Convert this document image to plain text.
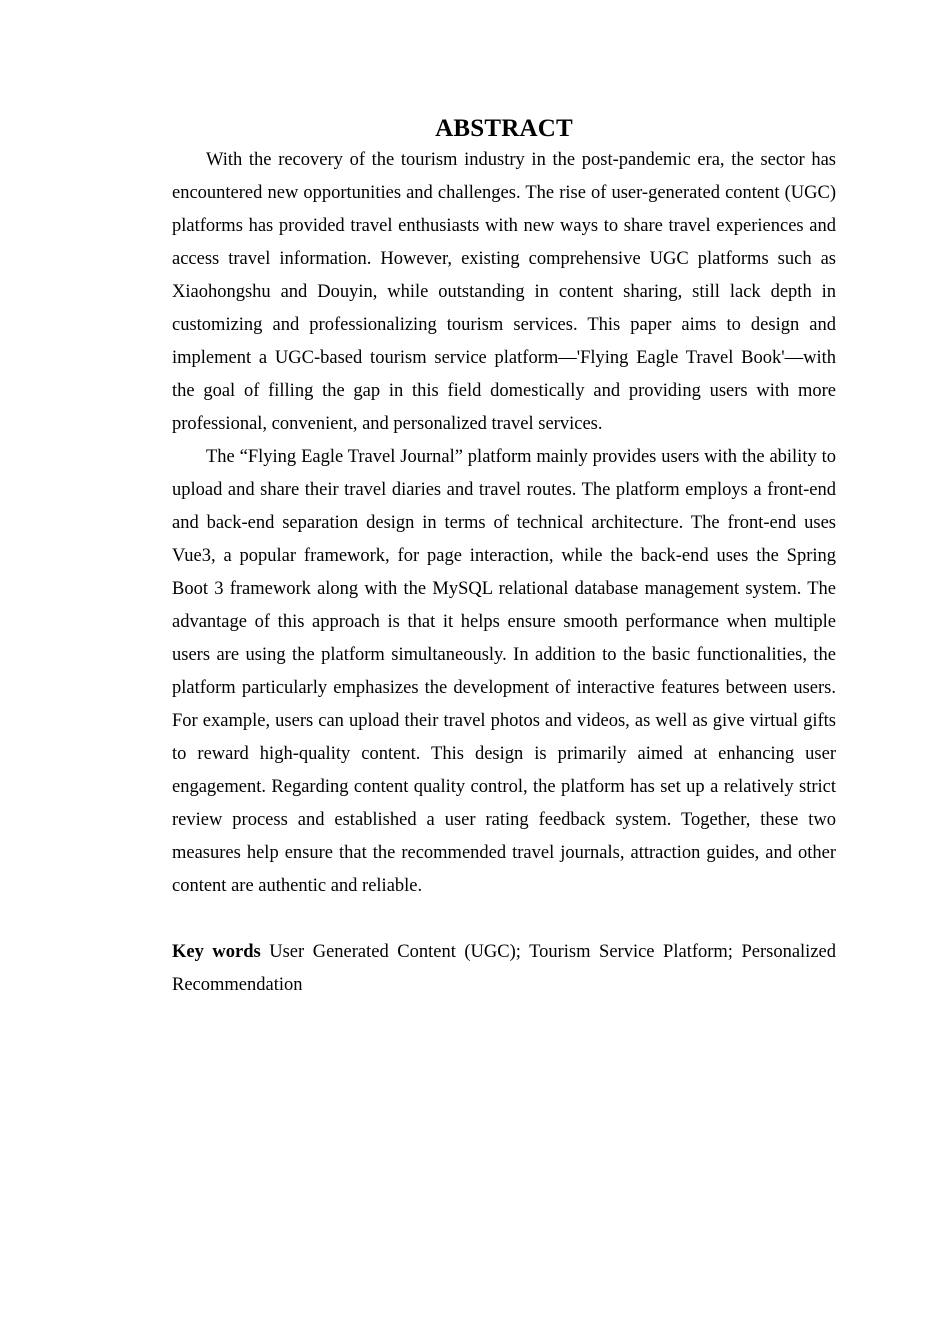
ABSTRACT

With the recovery of the tourism industry in the post-pandemic era, the sector has encountered new opportunities and challenges. The rise of user-generated content (UGC) platforms has provided travel enthusiasts with new ways to share travel experiences and access travel information. However, existing comprehensive UGC platforms such as Xiaohongshu and Douyin, while outstanding in content sharing, still lack depth in customizing and professionalizing tourism services. This paper aims to design and implement a UGC-based tourism service platform—'Flying Eagle Travel Book'—with the goal of filling the gap in this field domestically and providing users with more professional, convenient, and personalized travel services.

The “Flying Eagle Travel Journal” platform mainly provides users with the ability to upload and share their travel diaries and travel routes. The platform employs a front-end and back-end separation design in terms of technical architecture. The front-end uses Vue3, a popular framework, for page interaction, while the back-end uses the Spring Boot 3 framework along with the MySQL relational database management system. The advantage of this approach is that it helps ensure smooth performance when multiple users are using the platform simultaneously. In addition to the basic functionalities, the platform particularly emphasizes the development of interactive features between users. For example, users can upload their travel photos and videos, as well as give virtual gifts to reward high-quality content. This design is primarily aimed at enhancing user engagement. Regarding content quality control, the platform has set up a relatively strict review process and established a user rating feedback system. Together, these two measures help ensure that the recommended travel journals, attraction guides, and other content are authentic and reliable.

Key words User Generated Content (UGC); Tourism Service Platform; Personalized Recommendation
